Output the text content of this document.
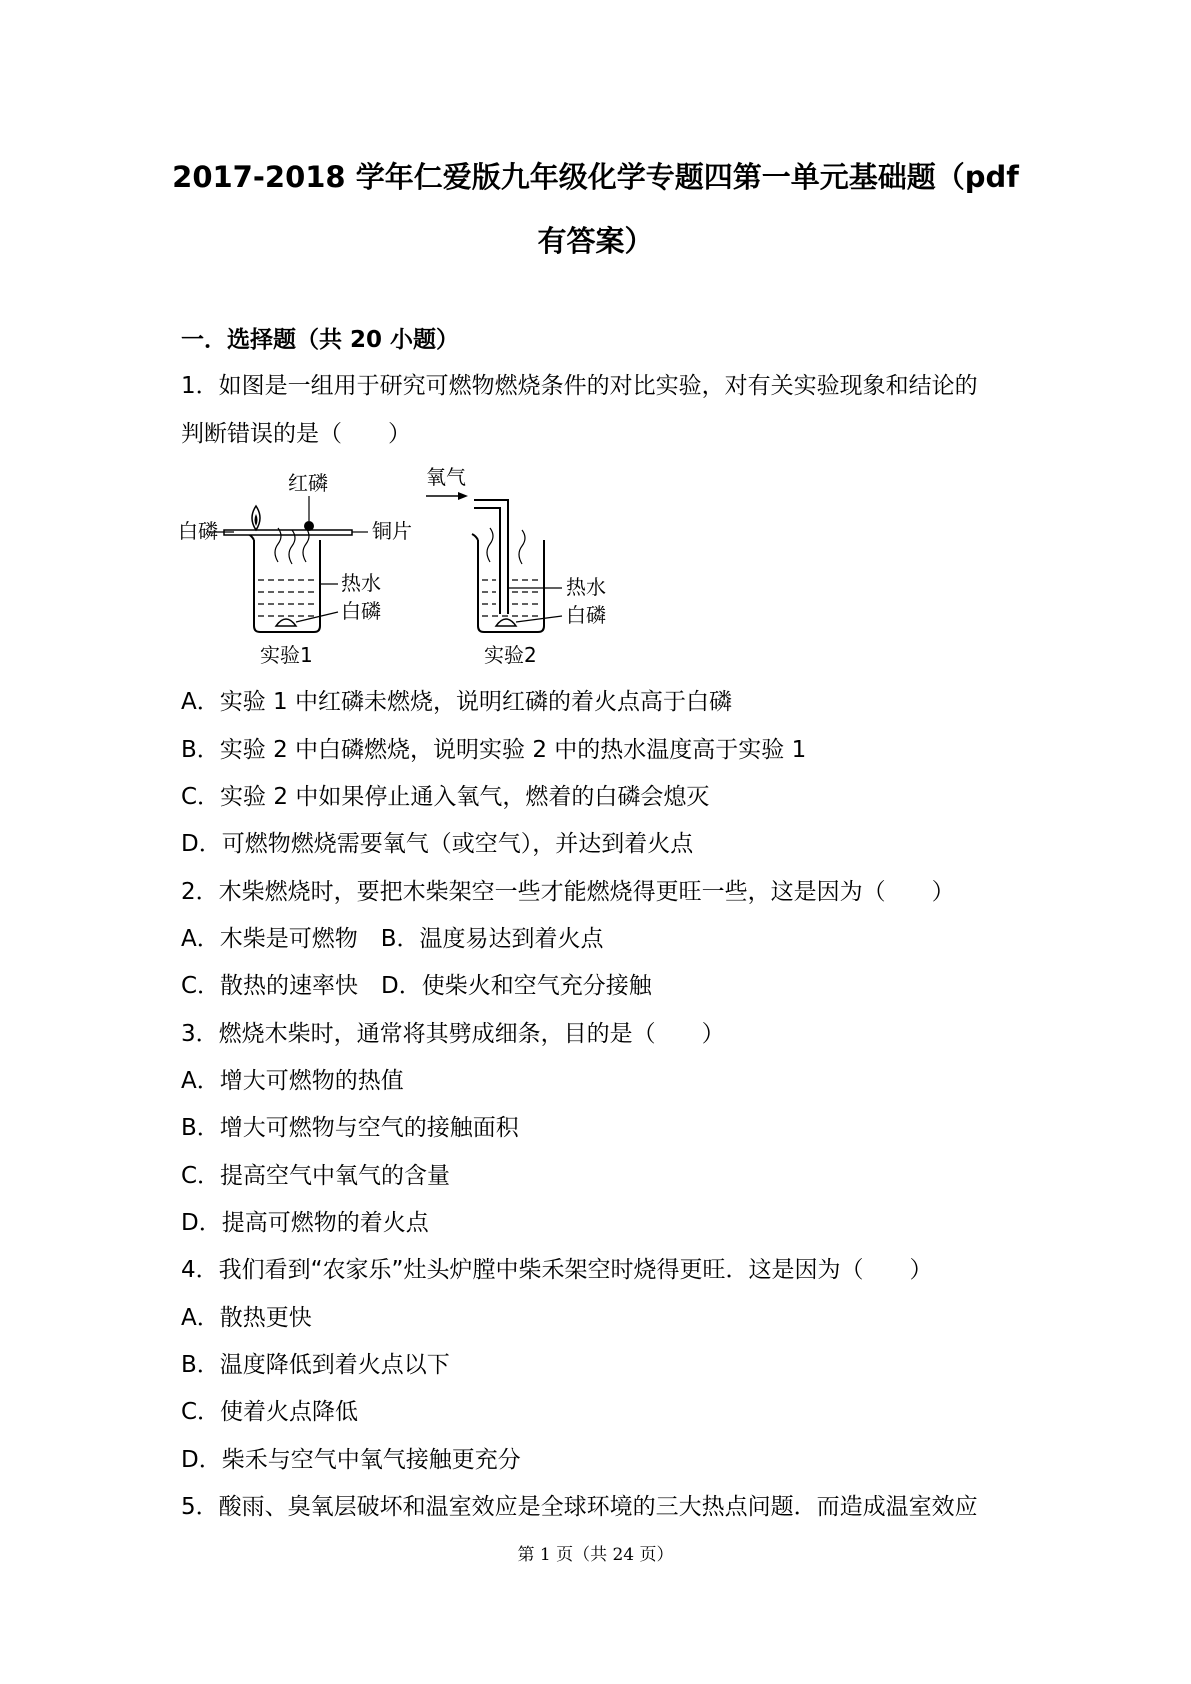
2017-2018 学年仁爱版九年级化学专题四第一单元基础题（pdf
有答案）
一．选择题（共 20 小题）
1．如图是一组用于研究可燃物燃烧条件的对比实验，对有关实验现象和结论的
判断错误的是（　　）
白磷
红磷
铜片
热水
白磷
实验1
氧气
热水
白磷
实验2
A．实验 1 中红磷未燃烧，说明红磷的着火点高于白磷
B．实验 2 中白磷燃烧，说明实验 2 中的热水温度高于实验 1
C．实验 2 中如果停止通入氧气，燃着的白磷会熄灭
D．可燃物燃烧需要氧气（或空气），并达到着火点
2．木柴燃烧时，要把木柴架空一些才能燃烧得更旺一些，这是因为（　　）
A．木柴是可燃物　B．温度易达到着火点
C．散热的速率快　D．使柴火和空气充分接触
3．燃烧木柴时，通常将其劈成细条，目的是（　　）
A．增大可燃物的热值
B．增大可燃物与空气的接触面积
C．提高空气中氧气的含量
D．提高可燃物的着火点
4．我们看到“农家乐”灶头炉膛中柴禾架空时烧得更旺．这是因为（　　）
A．散热更快
B．温度降低到着火点以下
C．使着火点降低
D．柴禾与空气中氧气接触更充分
5．酸雨、臭氧层破坏和温室效应是全球环境的三大热点问题．而造成温室效应
第 1 页（共 24 页）
